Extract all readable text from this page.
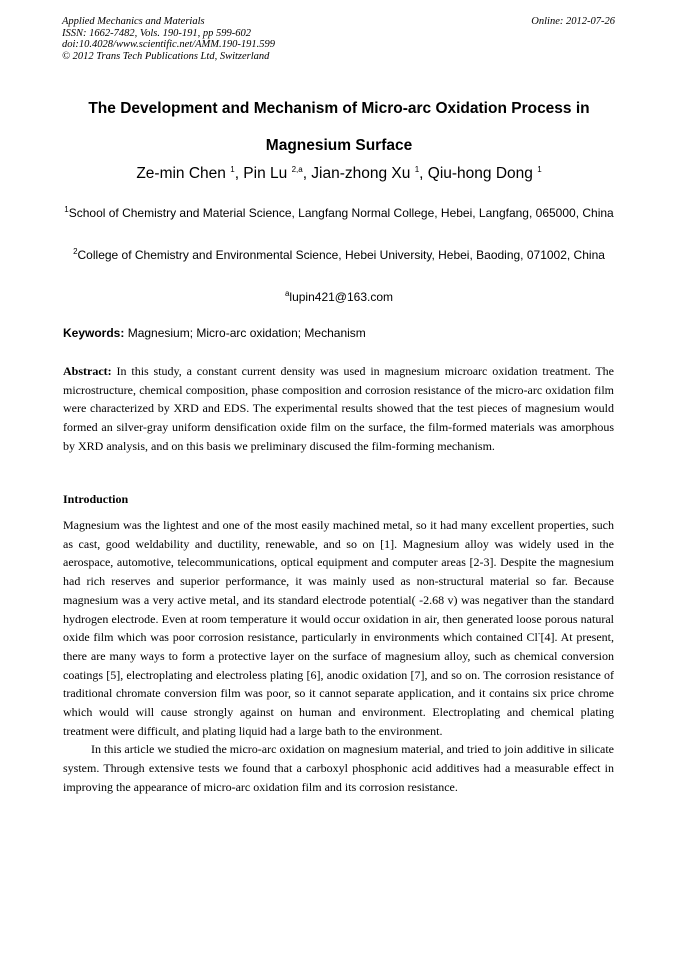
Applied Mechanics and Materials
ISSN: 1662-7482, Vols. 190-191, pp 599-602
doi:10.4028/www.scientific.net/AMM.190-191.599
© 2012 Trans Tech Publications Ltd, Switzerland
Online: 2012-07-26
The Development and Mechanism of Micro-arc Oxidation Process in
Magnesium Surface
Ze-min Chen $^1$, Pin Lu $^{2,a}$, Jian-zhong Xu $^1$, Qiu-hong Dong $^1$
$^1$School of Chemistry and Material Science, Langfang Normal College, Hebei, Langfang, 065000, China
$^2$College of Chemistry and Environmental Science, Hebei University, Hebei, Baoding, 071002, China
$^a$lupin421@163.com
Keywords: Magnesium; Micro-arc oxidation; Mechanism
Abstract: In this study, a constant current density was used in magnesium microarc oxidation treatment. The microstructure, chemical composition, phase composition and corrosion resistance of the micro-arc oxidation film were characterized by XRD and EDS. The experimental results showed that the test pieces of magnesium would formed an silver-gray uniform densification oxide film on the surface, the film-formed materials was amorphous by XRD analysis, and on this basis we preliminary discused the film-forming mechanism.
Introduction

Magnesium was the lightest and one of the most easily machined metal, so it had many excellent properties, such as cast, good weldability and ductility, renewable, and so on [1]. Magnesium alloy was widely used in the aerospace, automotive, telecommunications, optical equipment and computer areas [2-3]. Despite the magnesium had rich reserves and superior performance, it was mainly used as non-structural material so far. Because magnesium was a very active metal, and its standard electrode potential( -2.68 v) was negativer than the standard hydrogen electrode. Even at room temperature it would occur oxidation in air, then generated loose porous natural oxide film which was poor corrosion resistance, particularly in environments which contained Cl-[4]. At present, there are many ways to form a protective layer on the surface of magnesium alloy, such as chemical conversion coatings [5], electroplating and electroless plating [6], anodic oxidation [7], and so on. The corrosion resistance of traditional chromate conversion film was poor, so it cannot separate application, and it contains six price chrome which would will cause strongly against on human and environment. Electroplating and chemical plating treatment were difficult, and plating liquid had a large bath to the environment.

In this article we studied the micro-arc oxidation on magnesium material, and tried to join additive in silicate system. Through extensive tests we found that a carboxyl phosphonic acid additives had a measurable effect in improving the appearance of micro-arc oxidation film and its corrosion resistance.
